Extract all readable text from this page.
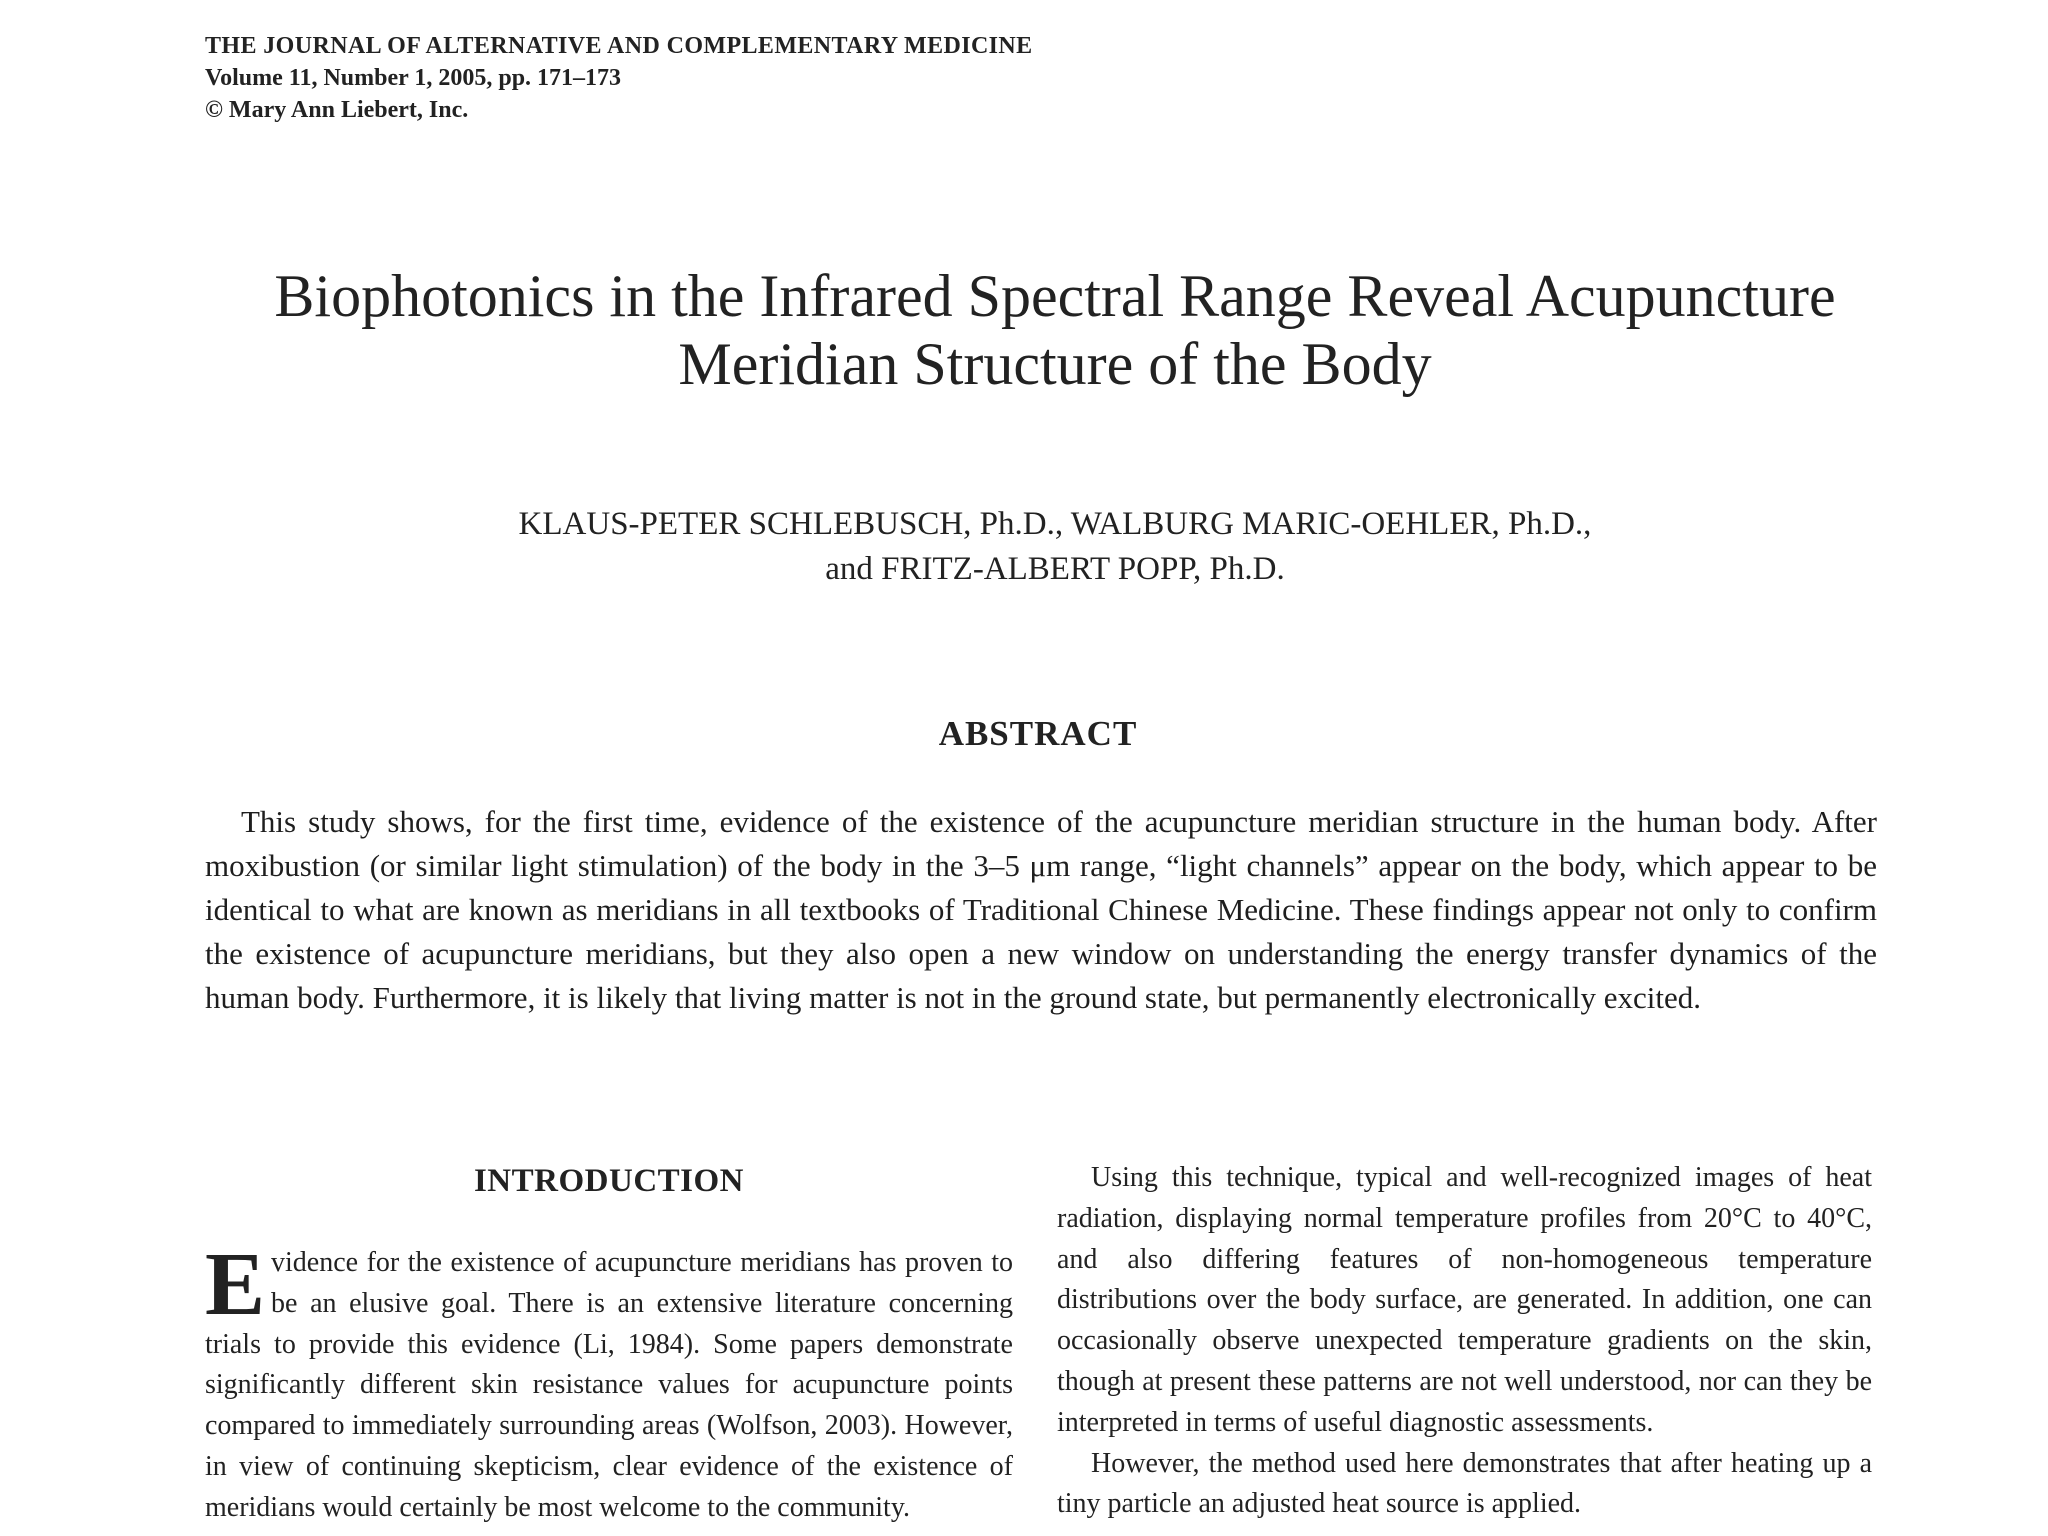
THE JOURNAL OF ALTERNATIVE AND COMPLEMENTARY MEDICINE
Volume 11, Number 1, 2005, pp. 171–173
© Mary Ann Liebert, Inc.
Biophotonics in the Infrared Spectral Range Reveal Acupuncture
Meridian Structure of the Body
KLAUS-PETER SCHLEBUSCH, Ph.D., WALBURG MARIC-OEHLER, Ph.D.,
and FRITZ-ALBERT POPP, Ph.D.
ABSTRACT
This study shows, for the first time, evidence of the existence of the acupuncture meridian structure in the human body. After moxibustion (or similar light stimulation) of the body in the 3–5 μm range, “light channels” appear on the body, which appear to be identical to what are known as meridians in all textbooks of Traditional Chinese Medicine. These findings appear not only to confirm the existence of acupuncture meridians, but they also open a new window on understanding the energy transfer dynamics of the human body. Furthermore, it is likely that living matter is not in the ground state, but permanently electronically excited.
INTRODUCTION

Evidence for the existence of acupuncture meridians has proven to be an elusive goal. There is an extensive literature concerning trials to provide this evidence (Li, 1984). Some papers demonstrate significantly different skin resistance values for acupuncture points compared to immediately surrounding areas (Wolfson, 2003). However, in view of continuing skepticism, clear evidence of the existence of meridians would certainly be most welcome to the community.

Using this technique, typical and well-recognized images of heat radiation, displaying normal temperature profiles from 20°C to 40°C, and also differing features of non-homogeneous temperature distributions over the body surface, are generated. In addition, one can occasionally observe unexpected temperature gradients on the skin, though at present these patterns are not well understood, nor can they be interpreted in terms of useful diagnostic assessments.

However, the method used here demonstrates that after heating up a tiny particle an adjusted heat source is applied.
